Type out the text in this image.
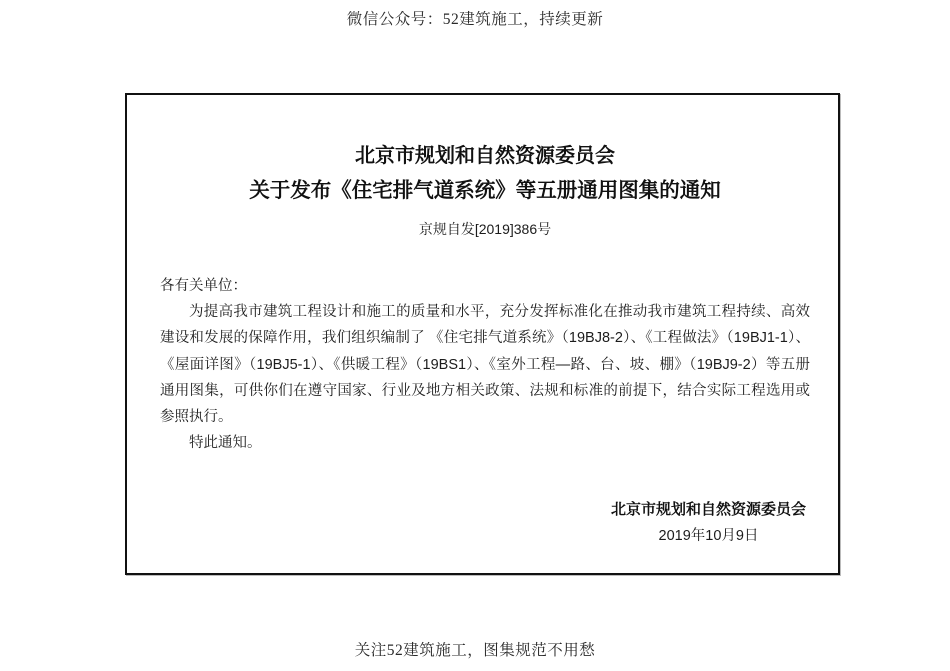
微信公众号：52建筑施工，持续更新
北京市规划和自然资源委员会
关于发布《住宅排气道系统》等五册通用图集的通知
京规自发[2019]386号
各有关单位：

为提高我市建筑工程设计和施工的质量和水平，充分发挥标准化在推动我市建筑工程持续、高效建设和发展的保障作用，我们组织编制了 《住宅排气道系统》（19BJ8-2）、《工程做法》（19BJ1-1）、《屋面详图》（19BJ5-1）、《供暖工程》（19BS1）、《室外工程—路、台、坡、棚》（19BJ9-2）等五册通用图集，可供你们在遵守国家、行业及地方相关政策、法规和标准的前提下，结合实际工程选用或参照执行。

特此通知。

北京市规划和自然资源委员会
2019年10月9日
关注52建筑施工，图集规范不用愁
